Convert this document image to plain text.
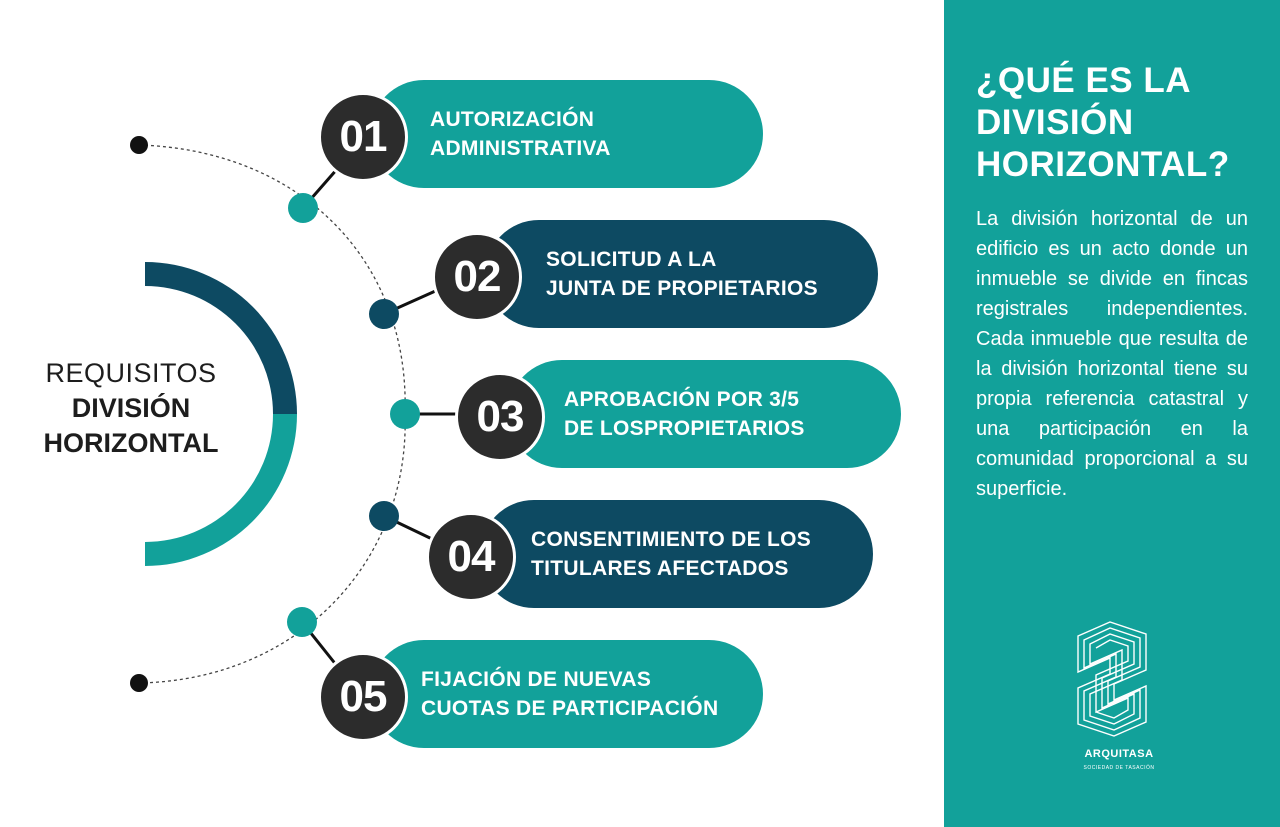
REQUISITOS
DIVISIÓN
HORIZONTAL
AUTORIZACIÓN
ADMINISTRATIVA
01
SOLICITUD A LA
JUNTA DE PROPIETARIOS
02
APROBACIÓN POR 3/5
DE LOSPROPIETARIOS
03
CONSENTIMIENTO DE LOS
TITULARES AFECTADOS
04
FIJACIÓN DE NUEVAS
CUOTAS DE PARTICIPACIÓN
05
¿QUÉ ES LA
DIVISIÓN
HORIZONTAL?

La división horizontal de un edificio es un acto donde un inmueble se divide en fincas registrales independientes. Cada inmueble que resulta de la división horizontal tiene su propia referencia catastral y una participación en la comunidad proporcional a su superficie.

ARQUITASA
SOCIEDAD DE TASACIÓN
